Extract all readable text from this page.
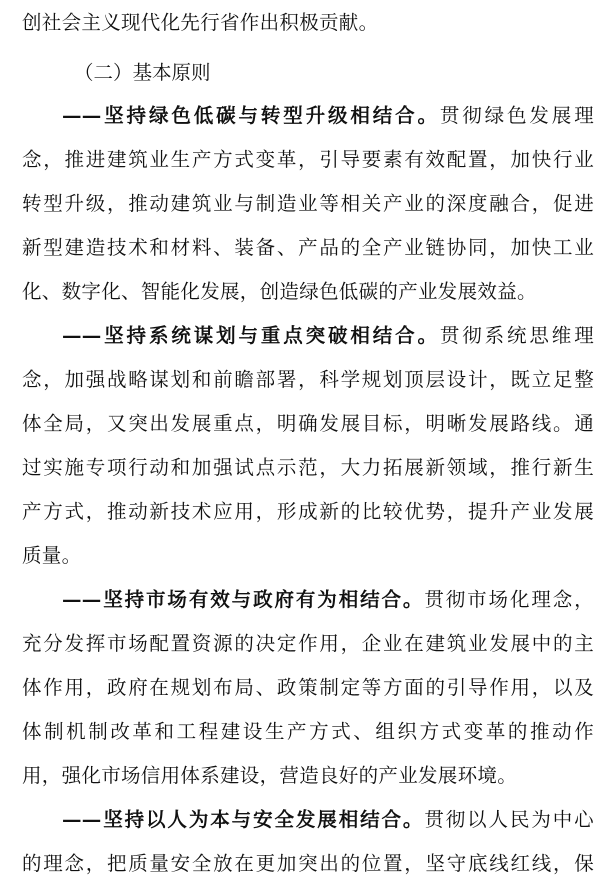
创社会主义现代化先行省作出积极贡献。
（二）基本原则
——坚持绿色低碳与转型升级相结合。贯彻绿色发展理
念，推进建筑业生产方式变革，引导要素有效配置，加快行业
转型升级，推动建筑业与制造业等相关产业的深度融合，促进
新型建造技术和材料、装备、产品的全产业链协同，加快工业
化、数字化、智能化发展，创造绿色低碳的产业发展效益。
——坚持系统谋划与重点突破相结合。贯彻系统思维理
念，加强战略谋划和前瞻部署，科学规划顶层设计，既立足整
体全局，又突出发展重点，明确发展目标，明晰发展路线。通
过实施专项行动和加强试点示范，大力拓展新领域，推行新生
产方式，推动新技术应用，形成新的比较优势，提升产业发展
质量。
——坚持市场有效与政府有为相结合。贯彻市场化理念，
充分发挥市场配置资源的决定作用，企业在建筑业发展中的主
体作用，政府在规划布局、政策制定等方面的引导作用，以及
体制机制改革和工程建设生产方式、组织方式变革的推动作
用，强化市场信用体系建设，营造良好的产业发展环境。
——坚持以人为本与安全发展相结合。贯彻以人民为中心
的理念，把质量安全放在更加突出的位置，坚守底线红线，保
